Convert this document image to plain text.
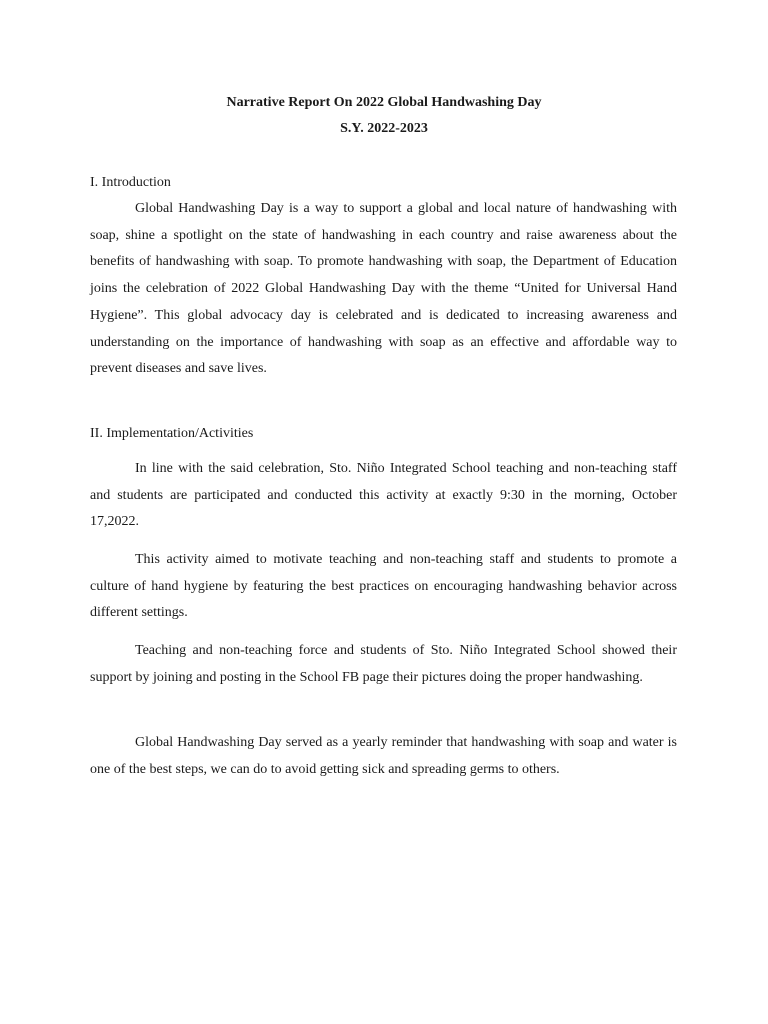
Narrative Report On 2022 Global Handwashing Day
S.Y. 2022-2023
I. Introduction

Global Handwashing Day is a way to support a global and local nature of handwashing with soap, shine a spotlight on the state of handwashing in each country and raise awareness about the benefits of handwashing with soap. To promote handwashing with soap, the Department of Education joins the celebration of 2022 Global Handwashing Day with the theme “United for Universal Hand Hygiene”. This global advocacy day is celebrated and is dedicated to increasing awareness and understanding on the importance of handwashing with soap as an effective and affordable way to prevent diseases and save lives.

II. Implementation/Activities

In line with the said celebration, Sto. Niño Integrated School teaching and non-teaching staff and students are participated and conducted this activity at exactly 9:30 in the morning, October 17,2022.

This activity aimed to motivate teaching and non-teaching staff and students to promote a culture of hand hygiene by featuring the best practices on encouraging handwashing behavior across different settings.

Teaching and non-teaching force and students of Sto. Niño Integrated School showed their support by joining and posting in the School FB page their pictures doing the proper handwashing.

Global Handwashing Day served as a yearly reminder that handwashing with soap and water is one of the best steps, we can do to avoid getting sick and spreading germs to others.
